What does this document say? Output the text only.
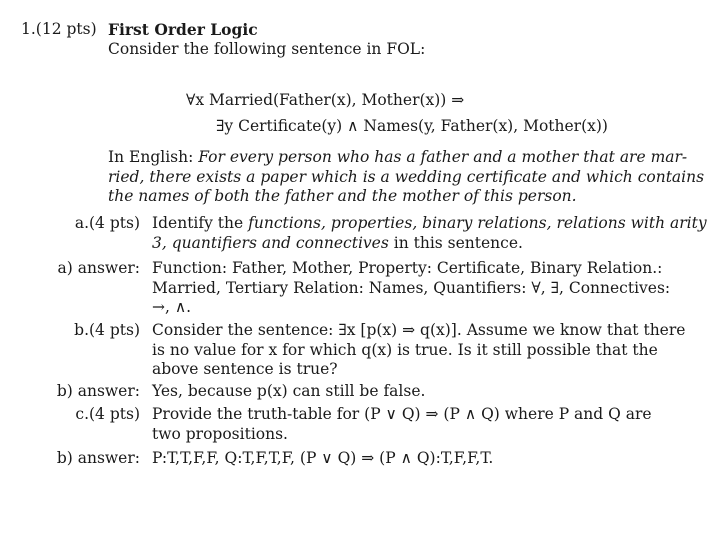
1.(12 pts) First Order Logic
Consider the following sentence in FOL:
∀x Married(Father(x), Mother(x)) ⇒
∃y Certificate(y) ∧ Names(y, Father(x), Mother(x))
In English: For every person who has a father and a mother that are mar-
ried, there exists a paper which is a wedding certificate and which contains
the names of both the father and the mother of this person.
a.(4 pts) Identify the functions, properties, binary relations, relations with arity
3, quantifiers and connectives in this sentence.
a) answer: Function: Father, Mother, Property: Certificate, Binary Relation.:
Married, Tertiary Relation: Names, Quantifiers: ∀, ∃, Connectives:
→, ∧.
b.(4 pts) Consider the sentence: ∃x [p(x) ⇒ q(x)]. Assume we know that there
is no value for x for which q(x) is true. Is it still possible that the
above sentence is true?
b) answer: Yes, because p(x) can still be false.
c.(4 pts) Provide the truth-table for (P ∨ Q) ⇒ (P ∧ Q) where P and Q are
two propositions.
b) answer: P:T,T,F,F, Q:T,F,T,F, (P ∨ Q) ⇒ (P ∧ Q):T,F,F,T.
